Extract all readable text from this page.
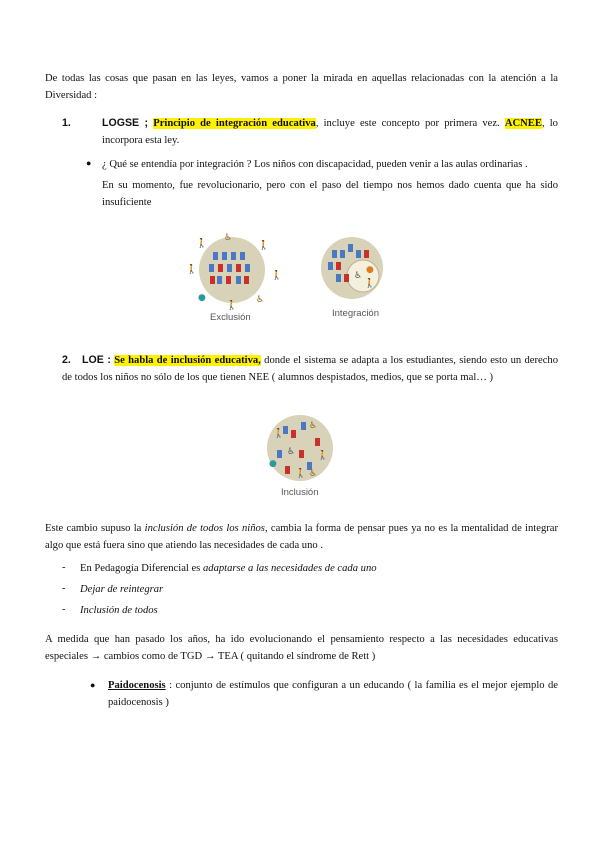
De todas las cosas que pasan en las leyes, vamos a poner la mirada en aquellas relacionadas con la atención a la Diversidad :
1.	LOGSE ; Principio de integración educativa, incluye este concepto por primera vez. ACNEE, lo incorpora esta ley.
● ¿ Qué se entendía por integración ? Los niños con discapacidad, pueden venir a las aulas ordinarias .
En su momento, fue revolucionario, pero con el paso del tiempo nos hemos dado cuenta que ha sido insuficiente
🚶
♿
🚶
🚶
🚶
●
🚶
♿
Exclusión
♿
🚶
●
Integración
2.	LOE : Se habla de inclusión educativa, donde el sistema se adapta a los estudiantes, siendo esto un derecho de todos los niños no sólo de los que tienen NEE ( alumnos despistados, medios, que se porta mal… )
🚶
♿
♿ 🚶
●
🚶 ♿
Inclusión
Este cambio supuso la inclusión de todos los niños, cambia la forma de pensar pues ya no es la mentalidad de integrar algo que está fuera sino que atiendo las necesidades de cada uno .
- En Pedagogía Diferencial es adaptarse a las necesidades de cada uno
- Dejar de reintegrar
- Inclusión de todos
A medida que han pasado los años, ha ido evolucionando el pensamiento respecto a las necesidades educativas especiales → cambios como de TGD → TEA ( quitando el síndrome de Rett )
● Paidocenosis : conjunto de estímulos que configuran a un educando ( la familia es el mejor ejemplo de paidocenosis )
